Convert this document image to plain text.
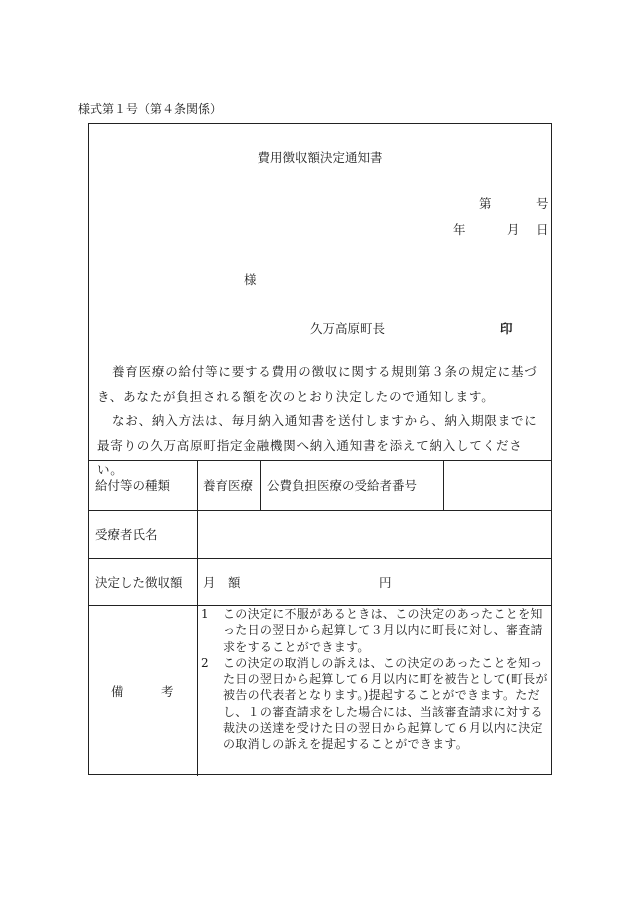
様式第１号（第４条関係）
費用徴収額決定通知書
第	号
年	月 日
様
久万高原町長	印

養育医療の給付等に要する費用の徴収に関する規則第３条の規定に基づき、あなたが負担される額を次のとおり決定したので通知します。

なお、納入方法は、毎月納入通知書を送付しますから、納入期限までに最寄りの久万高原町指定金融機関へ納入通知書を添えて納入してください。

給付等の種類	養育医療 公費負担医療の受給者番号
受療者氏名
決定した徴収額 月　額	円
備　　　考
1	この決定に不服があるときは、この決定のあったことを知った日の翌日から起算して３月以内に町長に対し、審査請求をすることができます。
2	この決定の取消しの訴えは、この決定のあったことを知った日の翌日から起算して６月以内に町を被告として(町長が被告の代表者となります。)提起することができます。ただし、１の審査請求をした場合には、当該審査請求に対する裁決の送達を受けた日の翌日から起算して６月以内に決定の取消しの訴えを提起することができます。
